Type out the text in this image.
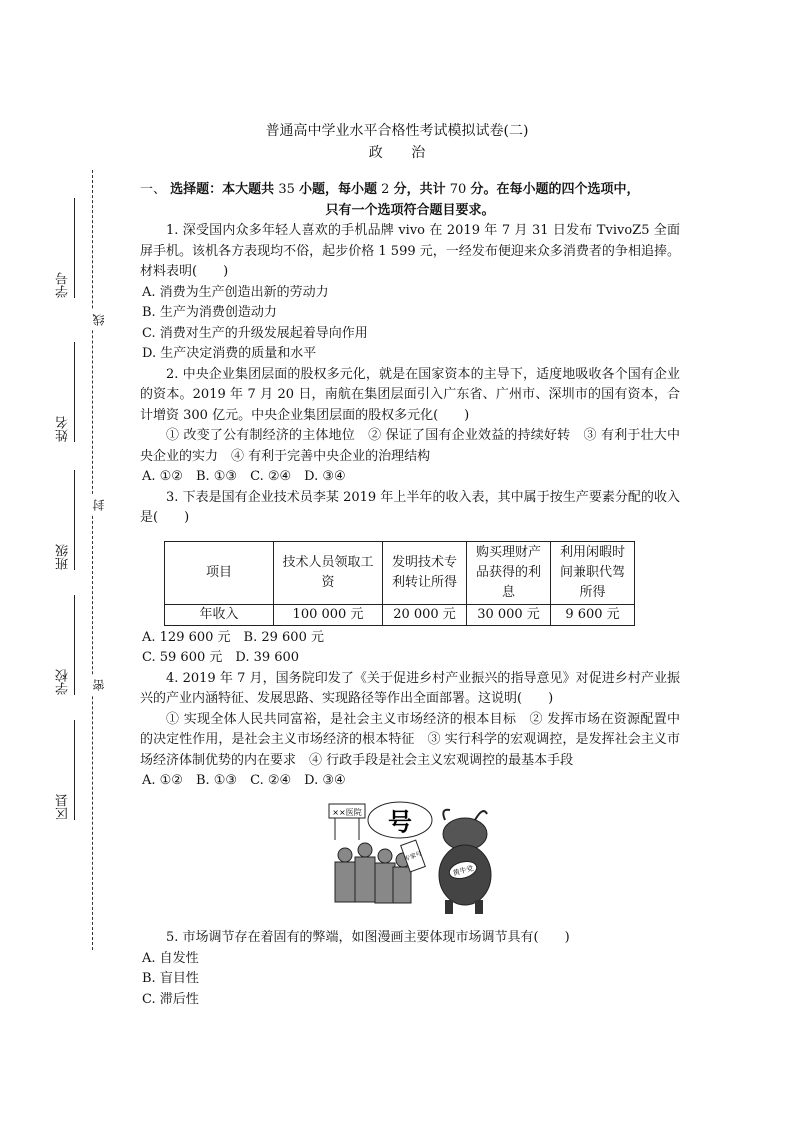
普通高中学业水平合格性考试模拟试卷(二)
政 治
学号
姓名
班级
学校
区县
线
封
密
一、 选择题：本大题共 35 小题，每小题 2 分，共计 70 分。在每小题的四个选项中，
只有一个选项符合题目要求。

1. 深受国内众多年轻人喜欢的手机品牌 vivo 在 2019 年 7 月 31 日发布 TvivoZ5 全面屏手机。该机各方表现均不俗，起步价格 1 599 元，一经发布便迎来众多消费者的争相追捧。材料表明(　　)

A. 消费为生产创造出新的劳动力

B. 生产为消费创造动力

C. 消费对生产的升级发展起着导向作用

D. 生产决定消费的质量和水平

2. 中央企业集团层面的股权多元化，就是在国家资本的主导下，适度地吸收各个国有企业的资本。2019 年 7 月 20 日，南航在集团层面引入广东省、广州市、深圳市的国有资本，合计增资 300 亿元。中央企业集团层面的股权多元化(　　)

① 改变了公有制经济的主体地位　② 保证了国有企业效益的持续好转　③ 有利于壮大中央企业的实力　④ 有利于完善中央企业的治理结构

A. ①②　B. ①③　C. ②④　D. ③④

3. 下表是国有企业技术员李某 2019 年上半年的收入表，其中属于按生产要素分配的收入是(　　)

项目	技术人员领取工资	发明技术专利转让所得	购买理财产品获得的利息	利用闲暇时间兼职代驾所得
年收入	100 000 元	20 000 元	30 000 元	9 600 元

A. 129 600 元　B. 29 600 元

C. 59 600 元　D. 39 600

4. 2019 年 7 月，国务院印发了《关于促进乡村产业振兴的指导意见》对促进乡村产业振兴的产业内涵特征、发展思路、实现路径等作出全面部署。这说明(　　)

① 实现全体人民共同富裕，是社会主义市场经济的根本目标　② 发挥市场在资源配置中的决定性作用，是社会主义市场经济的根本特征　③ 实行科学的宏观调控，是发挥社会主义市场经济体制优势的内在要求　④ 行政手段是社会主义宏观调控的最基本手段

A. ①②　B. ①③　C. ②④　D. ③④

××医院 号
专家号
黄牛党

5. 市场调节存在着固有的弊端，如图漫画主要体现市场调节具有(　　)

A. 自发性

B. 盲目性

C. 滞后性
